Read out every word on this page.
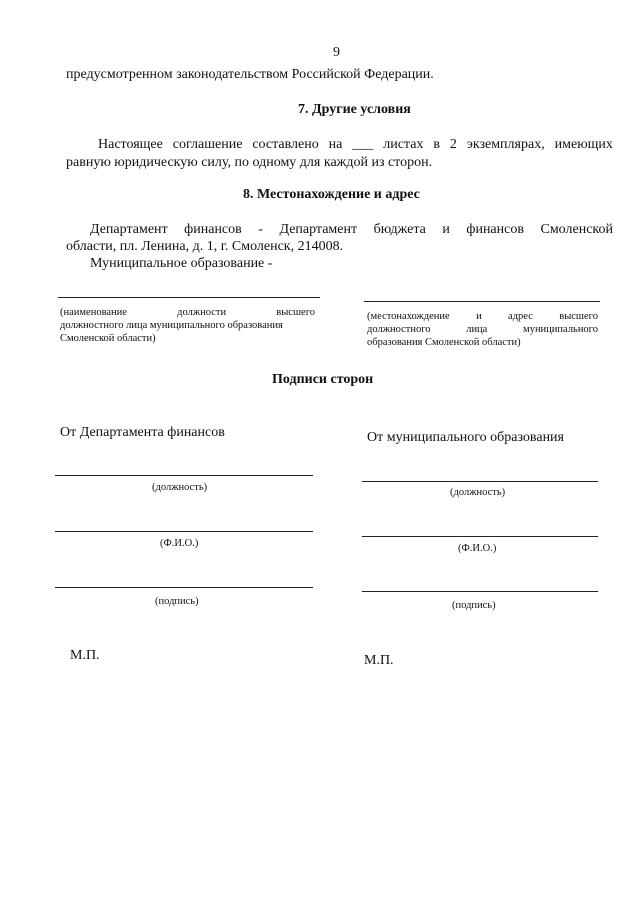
9
предусмотренном законодательством Российской Федерации.
7. Другие условия
Настоящее соглашение составлено на ___ листах в 2 экземплярах, имеющих
равную юридическую силу, по одному для каждой из сторон.
8. Местонахождение и адрес
Департамент финансов - Департамент бюджета и финансов Смоленской
области, пл. Ленина, д. 1, г. Смоленск, 214008.
Муниципальное образование -
(наименование	должности	высшего
должностного лица муниципального образования
Смоленской области)
(местонахождение	и	адрес	высшего
должностного	лица	муниципального
образования Смоленской области)
Подписи сторон
От Департамента финансов
(должность)
(Ф.И.О.)
(подпись)
М.П.
От муниципального образования
(должность)
(Ф.И.О.)
(подпись)
М.П.
